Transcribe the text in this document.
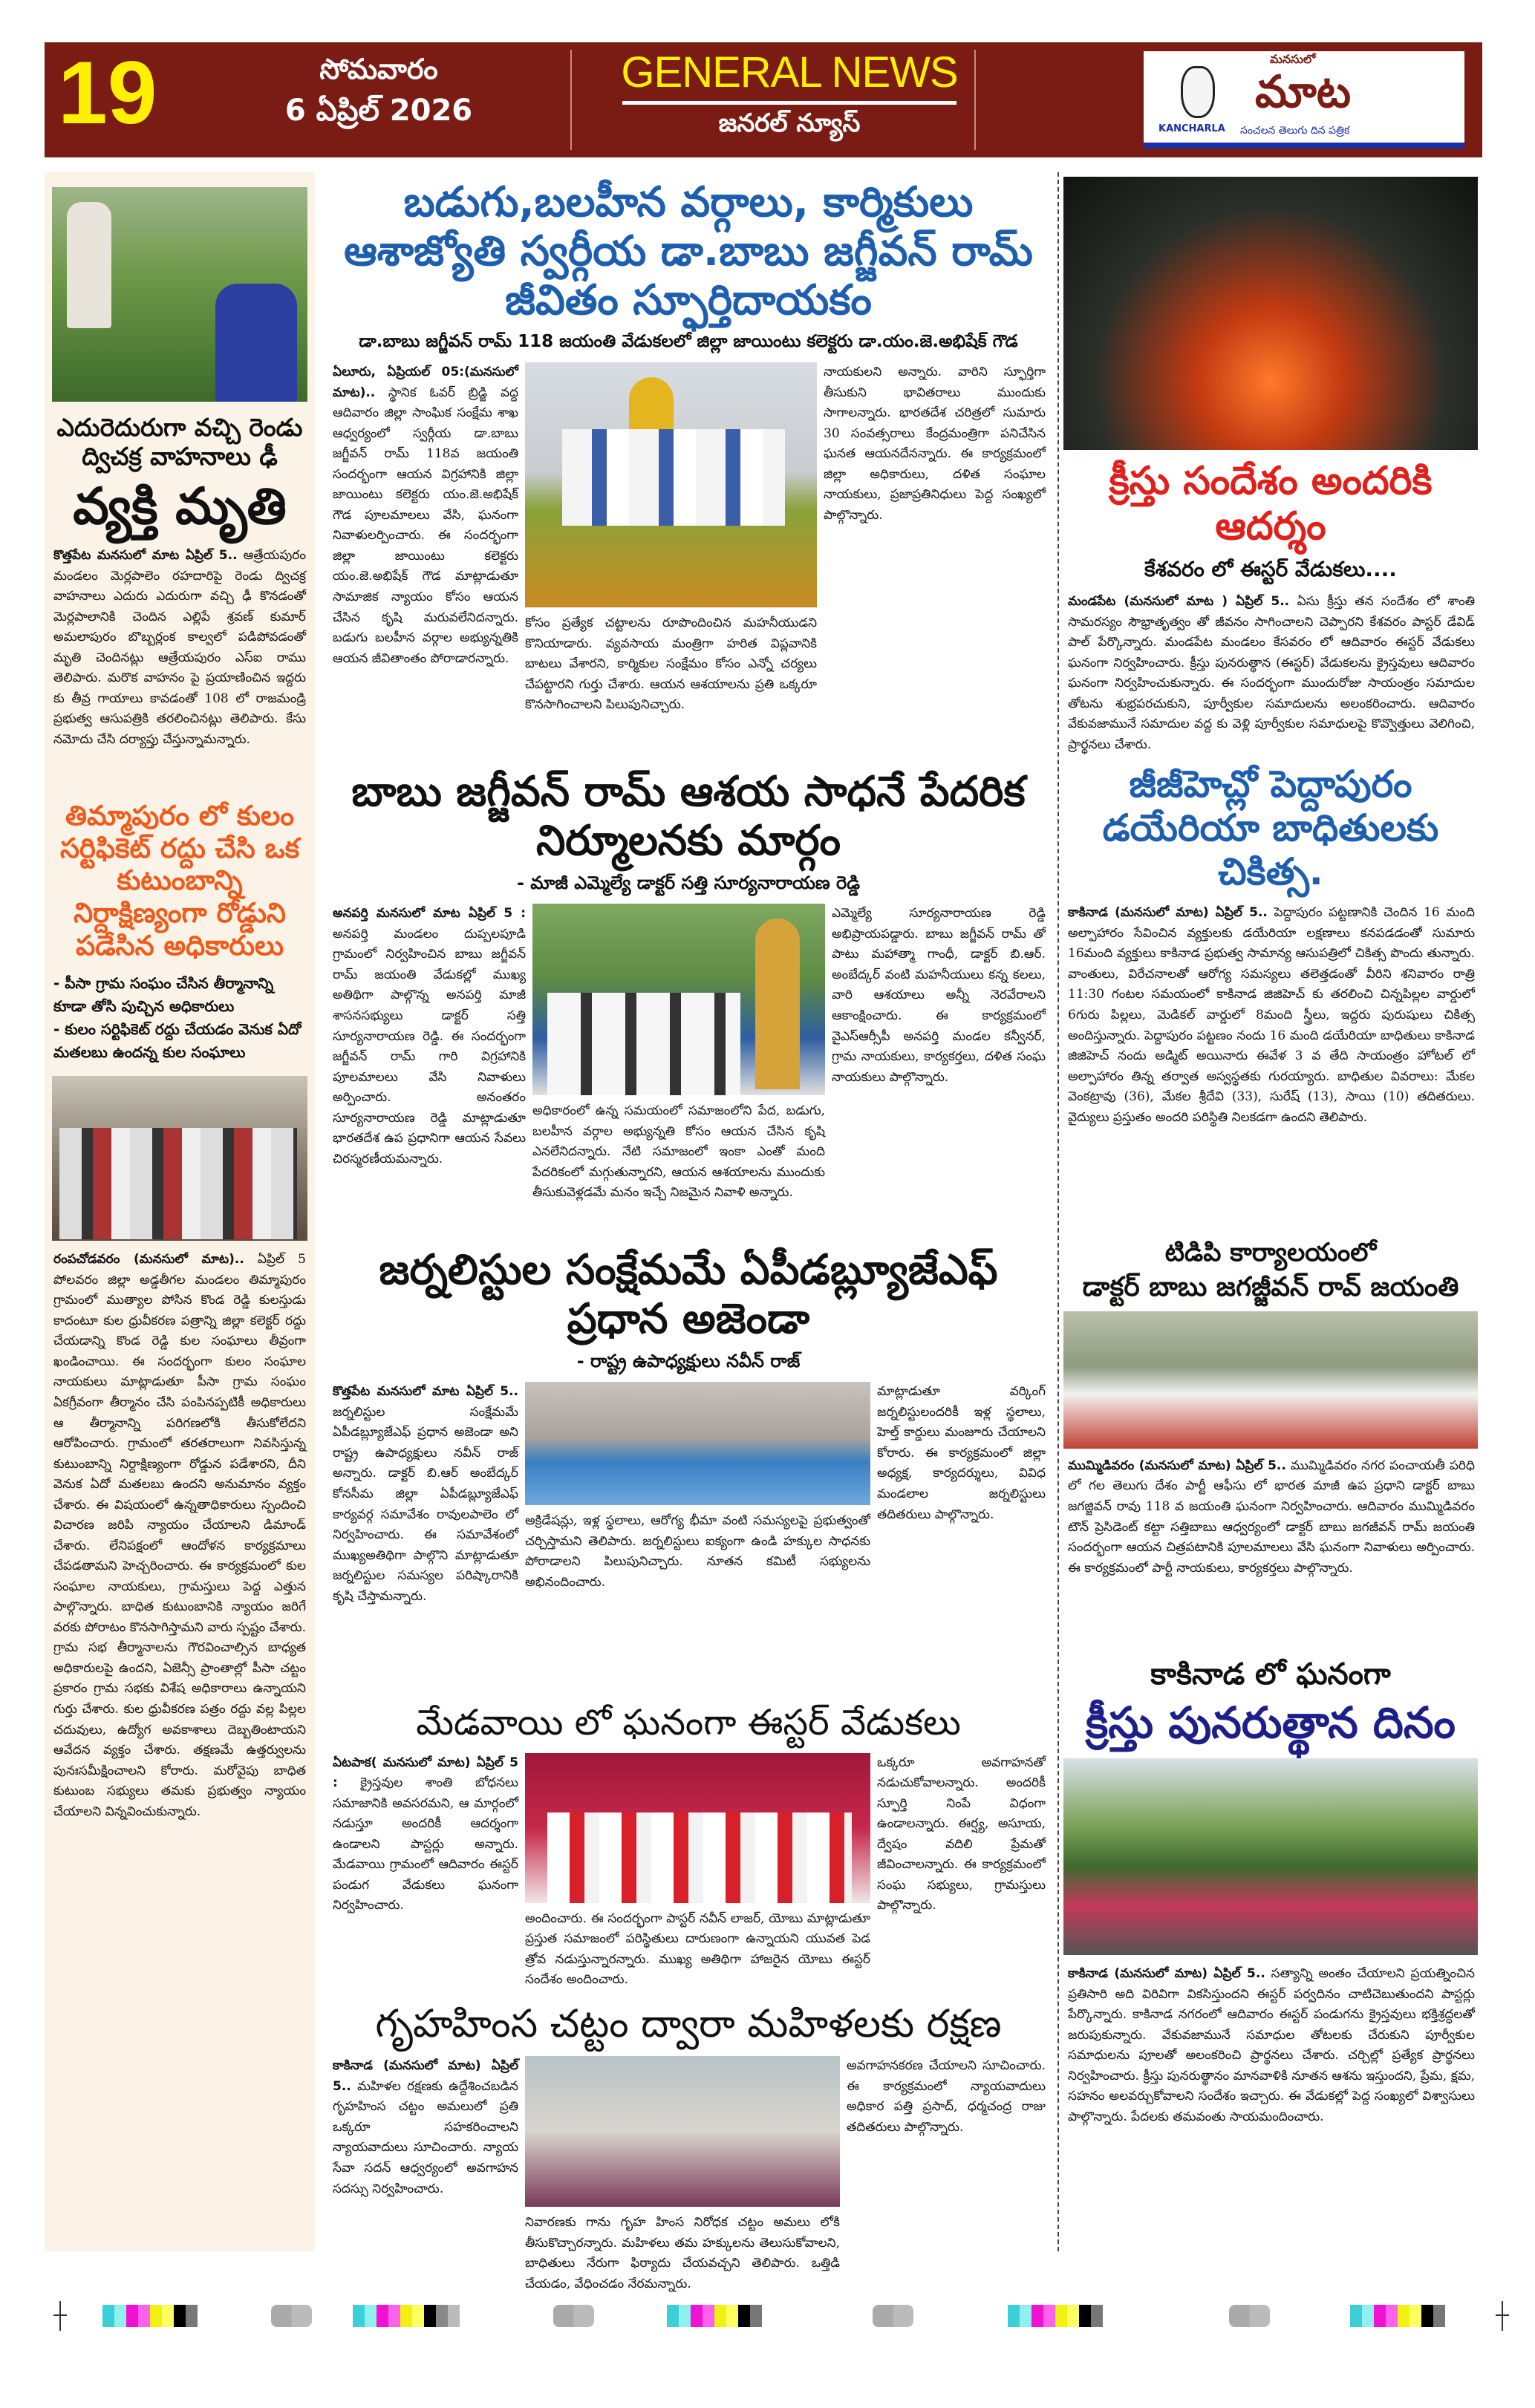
19	సోమవారం
6 ఏప్రిల్ 2026
GENERAL NEWS
జనరల్ న్యూస్	KANCHARLA
మనసులో
మాట
సంచలన తెలుగు దిన పత్రిక
ఎదురెదురుగా వచ్చి రెండు ద్విచక్ర వాహనాలు ఢీ
వ్యక్తి మృతి
కొత్తపేట మనసులో మాట ఏప్రిల్ 5.. ఆత్రేయపురం మండలం మెర్లపాలెం రహదారిపై రెండు ద్విచక్ర వాహనాలు ఎదురు ఎదురుగా వచ్చి ఢీ కొనడంతో మెర్లపాలానికి చెందిన ఎల్లిపే శ్రవణ్ కుమార్ అమలాపురం బొబ్బర్లంక కాల్వలో పడిపోవడంతో మృతి చెందినట్లు ఆత్రేయపురం ఎస్ఐ రాము తెలిపారు. మరొక వాహనం పై ప్రయాణించిన ఇద్దరు కు తీవ్ర గాయాలు కావడంతో 108 లో రాజమండ్రి ప్రభుత్వ ఆసుపత్రికి తరలించినట్లు తెలిపారు. కేసు నమోదు చేసి దర్యాప్తు చేస్తున్నామన్నారు.
తిమ్మాపురం లో కులం సర్టిఫికెట్ రద్దు చేసి ఒక కుటుంబాన్ని నిర్దాక్షిణ్యంగా రోడ్డుని పడేసిన అధికారులు
- పీసా గ్రామ సంఘం చేసిన తీర్మానాన్ని కూడా తోసి పుచ్చిన అధికారులు
- కులం సర్టిఫికెట్ రద్దు చేయడం వెనుక ఏదో మతలబు ఉందన్న కుల సంఘాలు
రంపచోడవరం (మనసులో మాట).. ఏప్రిల్ 5 పోలవరం జిల్లా అడ్డతీగల మండలం తిమ్మాపురం గ్రామంలో ముత్యాల పోసిన కొండ రెడ్డి కులస్తుడు కాదంటూ కుల ధ్రువీకరణ పత్రాన్ని జిల్లా కలెక్టర్ రద్దు చేయడాన్ని కొండ రెడ్డి కుల సంఘాలు తీవ్రంగా ఖండించాయి. ఈ సందర్భంగా కులం సంఘాల నాయకులు మాట్లాడుతూ పీసా గ్రామ సంఘం ఏకగ్రీవంగా తీర్మానం చేసి పంపినప్పటికీ అధికారులు ఆ తీర్మానాన్ని పరిగణలోకి తీసుకోలేదని ఆరోపించారు. గ్రామంలో తరతరాలుగా నివసిస్తున్న కుటుంబాన్ని నిర్దాక్షిణ్యంగా రోడ్డున పడేశారని, దీని వెనుక ఏదో మతలబు ఉందని అనుమానం వ్యక్తం చేశారు. ఈ విషయంలో ఉన్నతాధికారులు స్పందించి విచారణ జరిపి న్యాయం చేయాలని డిమాండ్ చేశారు. లేనిపక్షంలో ఆందోళన కార్యక్రమాలు చేపడతామని హెచ్చరించారు. ఈ కార్యక్రమంలో కుల సంఘాల నాయకులు, గ్రామస్తులు పెద్ద ఎత్తున పాల్గొన్నారు. బాధిత కుటుంబానికి న్యాయం జరిగే వరకు పోరాటం కొనసాగిస్తామని వారు స్పష్టం చేశారు. గ్రామ సభ తీర్మానాలను గౌరవించాల్సిన బాధ్యత అధికారులపై ఉందని, ఏజెన్సీ ప్రాంతాల్లో పీసా చట్టం ప్రకారం గ్రామ సభకు విశేష అధికారాలు ఉన్నాయని గుర్తు చేశారు. కుల ధ్రువీకరణ పత్రం రద్దు వల్ల పిల్లల చదువులు, ఉద్యోగ అవకాశాలు దెబ్బతింటాయని ఆవేదన వ్యక్తం చేశారు. తక్షణమే ఉత్తర్వులను పునఃసమీక్షించాలని కోరారు. మరోవైపు బాధిత కుటుంబ సభ్యులు తమకు ప్రభుత్వం న్యాయం చేయాలని విన్నవించుకున్నారు.
బడుగు,బలహీన వర్గాలు, కార్మికులు ఆశాజ్యోతి స్వర్గీయ డా.బాబు జగ్జీవన్ రామ్ జీవితం స్ఫూర్తిదాయకం
డా.బాబు జగ్జీవన్ రామ్ 118 జయంతి వేడుకలలో జిల్లా జాయింటు కలెక్టరు డా.యం.జె.అభిషేక్ గౌడ
ఏలూరు, ఏప్రియల్ 05:(మనసులో మాట).. స్థానిక ఓవర్ బ్రిడ్జి వద్ద ఆదివారం జిల్లా సాంఘిక సంక్షేమ శాఖ ఆధ్వర్యంలో స్వర్గీయ డా.బాబు జగ్జీవన్ రామ్ 118వ జయంతి సందర్భంగా ఆయన విగ్రహానికి జిల్లా జాయింటు కలెక్టరు యం.జె.అభిషేక్ గౌడ పూలమాలలు వేసి, ఘనంగా నివాళులర్పించారు. ఈ సందర్భంగా జిల్లా జాయింటు కలెక్టరు యం.జె.అభిషేక్ గౌడ మాట్లాడుతూ సామాజిక న్యాయం కోసం ఆయన చేసిన కృషి మరువలేనిదన్నారు. బడుగు బలహీన వర్గాల అభ్యున్నతికి ఆయన జీవితాంతం పోరాడారన్నారు.
కోసం ప్రత్యేక చట్టాలను రూపొందించిన మహనీయుడని కొనియాడారు. వ్యవసాయ మంత్రిగా హరిత విప్లవానికి బాటలు వేశారని, కార్మికుల సంక్షేమం కోసం ఎన్నో చర్యలు చేపట్టారని గుర్తు చేశారు. ఆయన ఆశయాలను ప్రతి ఒక్కరూ కొనసాగించాలని పిలుపునిచ్చారు.
నాయకులని అన్నారు. వారిని స్ఫూర్తిగా తీసుకుని భావితరాలు ముందుకు సాగాలన్నారు. భారతదేశ చరిత్రలో సుమారు 30 సంవత్సరాలు కేంద్రమంత్రిగా పనిచేసిన ఘనత ఆయనదేనన్నారు. ఈ కార్యక్రమంలో జిల్లా అధికారులు, దళిత సంఘాల నాయకులు, ప్రజాప్రతినిధులు పెద్ద సంఖ్యలో పాల్గొన్నారు.
బాబు జగ్జీవన్ రామ్ ఆశయ సాధనే పేదరిక నిర్మూలనకు మార్గం
- మాజీ ఎమ్మెల్యే డాక్టర్ సత్తి సూర్యనారాయణ రెడ్డి
అనపర్తి మనసులో మాట ఏప్రిల్ 5 : అనపర్తి మండలం దుప్పలపూడి గ్రామంలో నిర్వహించిన బాబు జగ్జీవన్ రామ్ జయంతి వేడుకల్లో ముఖ్య అతిథిగా పాల్గొన్న అనపర్తి మాజీ శాసనసభ్యులు డాక్టర్ సత్తి సూర్యనారాయణ రెడ్డి. ఈ సందర్భంగా జగ్జీవన్ రామ్ గారి విగ్రహానికి పూలమాలలు వేసి నివాళులు అర్పించారు. అనంతరం సూర్యనారాయణ రెడ్డి మాట్లాడుతూ భారతదేశ ఉప ప్రధానిగా ఆయన సేవలు చిరస్మరణీయమన్నారు.
అధికారంలో ఉన్న సమయంలో సమాజంలోని పేద, బడుగు, బలహీన వర్గాల అభ్యున్నతి కోసం ఆయన చేసిన కృషి ఎనలేనిదన్నారు. నేటి సమాజంలో ఇంకా ఎంతో మంది పేదరికంలో మగ్గుతున్నారని, ఆయన ఆశయాలను ముందుకు తీసుకువెళ్లడమే మనం ఇచ్చే నిజమైన నివాళి అన్నారు.
ఎమ్మెల్యే సూర్యనారాయణ రెడ్డి అభిప్రాయపడ్డారు. బాబు జగ్జీవన్ రామ్ తో పాటు మహాత్మా గాంధీ, డాక్టర్ బి.ఆర్. అంబేద్కర్ వంటి మహనీయులు కన్న కలలు, వారి ఆశయాలు అన్నీ నెరవేరాలని ఆకాంక్షించారు. ఈ కార్యక్రమంలో వైఎస్ఆర్సీపీ అనపర్తి మండల కన్వీనర్, గ్రామ నాయకులు, కార్యకర్తలు, దళిత సంఘ నాయకులు పాల్గొన్నారు.
జర్నలిస్టుల సంక్షేమమే ఏపీడబ్ల్యూజేఎఫ్ ప్రధాన అజెండా
- రాష్ట్ర ఉపాధ్యక్షులు నవీన్ రాజ్
కొత్తపేట మనసులో మాట ఏప్రిల్ 5.. జర్నలిస్టుల సంక్షేమమే ఏపీడబ్ల్యూజేఎఫ్ ప్రధాన అజెండా అని రాష్ట్ర ఉపాధ్యక్షులు నవీన్ రాజ్ అన్నారు. డాక్టర్ బి.ఆర్ అంబేద్కర్ కోనసీమ జిల్లా ఏపీడబ్ల్యూజేఎఫ్ కార్యవర్గ సమావేశం రావులపాలెం లో నిర్వహించారు. ఈ సమావేశంలో ముఖ్యఅతిథిగా పాల్గొని మాట్లాడుతూ జర్నలిస్టుల సమస్యల పరిష్కారానికి కృషి చేస్తామన్నారు.
అక్రిడేషన్లు, ఇళ్ల స్థలాలు, ఆరోగ్య భీమా వంటి సమస్యలపై ప్రభుత్వంతో చర్చిస్తామని తెలిపారు. జర్నలిస్టులు ఐక్యంగా ఉండి హక్కుల సాధనకు పోరాడాలని పిలుపునిచ్చారు. నూతన కమిటీ సభ్యులను అభినందించారు.
మాట్లాడుతూ వర్కింగ్ జర్నలిస్టులందరికీ ఇళ్ల స్థలాలు, హెల్త్ కార్డులు మంజూరు చేయాలని కోరారు. ఈ కార్యక్రమంలో జిల్లా అధ్యక్ష, కార్యదర్శులు, వివిధ మండలాల జర్నలిస్టులు తదితరులు పాల్గొన్నారు.
మేడవాయి లో ఘనంగా ఈస్టర్ వేడుకలు
ఏటపాక( మనసులో మాట) ఏప్రిల్ 5 : క్రైస్తవుల శాంతి బోధనలు సమాజానికి అవసరమని, ఆ మార్గంలో నడుస్తూ అందరికీ ఆదర్శంగా ఉండాలని పాస్టర్లు అన్నారు. మేడవాయి గ్రామంలో ఆదివారం ఈస్టర్ పండుగ వేడుకలు ఘనంగా నిర్వహించారు.
అందించారు. ఈ సందర్భంగా పాస్టర్ నవీన్ లాజర్, యోబు మాట్లాడుతూ ప్రస్తుత సమాజంలో పరిస్థితులు దారుణంగా ఉన్నాయని యువత పెడ త్రోవ నడుస్తున్నారన్నారు. ముఖ్య అతిథిగా హాజరైన యోబు ఈస్టర్ సందేశం అందించారు.
ఒక్కరూ అవగాహనతో నడుచుకోవాలన్నారు. అందరికీ స్ఫూర్తి నింపే విధంగా ఉండాలన్నారు. ఈర్ష్య, అసూయ, ద్వేషం వదిలి ప్రేమతో జీవించాలన్నారు. ఈ కార్యక్రమంలో సంఘ సభ్యులు, గ్రామస్తులు పాల్గొన్నారు.
గృహహింస చట్టం ద్వారా మహిళలకు రక్షణ
కాకినాడ (మనసులో మాట) ఏప్రిల్ 5.. మహిళల రక్షణకు ఉద్దేశించబడిన గృహహింస చట్టం అమలులో ప్రతి ఒక్కరూ సహకరించాలని న్యాయవాదులు సూచించారు. న్యాయ సేవా సదన్ ఆధ్వర్యంలో అవగాహన సదస్సు నిర్వహించారు.
నివారణకు గాను గృహ హింస నిరోధక చట్టం అమలు లోకి తీసుకొచ్చారన్నారు. మహిళలు తమ హక్కులను తెలుసుకోవాలని, బాధితులు నేరుగా ఫిర్యాదు చేయవచ్చని తెలిపారు. ఒత్తిడి చేయడం, వేధించడం నేరమన్నారు.
అవగాహనకరణ చేయాలని సూచించారు. ఈ కార్యక్రమంలో న్యాయవాదులు అధికార పత్తి ప్రసాద్, ధర్మచంద్ర రాజు తదితరులు పాల్గొన్నారు.
క్రీస్తు సందేశం అందరికి ఆదర్శం
కేశవరం లో ఈస్టర్ వేడుకలు....
మండపేట (మనసులో మాట ) ఏప్రిల్ 5.. ఏసు క్రీస్తు తన సందేశం లో శాంతి సామరస్యం సౌభ్రాతృత్వం తో జీవనం సాగించాలని చెప్పారని కేశవరం పాస్టర్ డేవిడ్ పాల్ పేర్కొన్నారు. మండపేట మండలం కేసవరం లో ఆదివారం ఈస్టర్ వేడుకలు ఘనంగా నిర్వహించారు. క్రీస్తు పునరుత్థాన (ఈస్టర్) వేడుకలను క్రైస్తవులు ఆదివారం ఘనంగా నిర్వహించుకున్నారు. ఈ సందర్భంగా ముందురోజు సాయంత్రం సమాదుల తోటను శుభ్రపరచుకుని, పూర్వీకుల సమాదులను అలంకరించారు. ఆదివారం వేకువజామునే సమాదుల వద్ద కు వెళ్లి పూర్వీకుల సమాధులపై కొవ్వొత్తులు వెలిగించి, ప్రార్థనలు చేశారు.
జీజీహెచ్లో పెద్దాపురం డయేరియా బాధితులకు చికిత్స.
కాకినాడ (మనసులో మాట) ఏప్రిల్ 5.. పెద్దాపురం పట్టణానికి చెందిన 16 మంది అల్పాహారం సేవించిన వ్యక్తులకు డయేరియా లక్షణాలు కనపడడంతో సుమారు 16మంది వ్యక్తులు కాకినాడ ప్రభుత్వ సామాన్య ఆసుపత్రిలో చికిత్స పొందు తున్నారు. వాంతులు, విరేచనాలతో ఆరోగ్య సమస్యలు తలెత్తడంతో వీరిని శనివారం రాత్రి 11:30 గంటల సమయంలో కాకినాడ జిజిహెచ్ కు తరలించి చిన్నపిల్లల వార్డులో 6గురు పిల్లలు, మెడికల్ వార్డులో 8మంది స్త్రీలు, ఇద్దరు పురుషులు చికిత్స అందిస్తున్నారు. పెద్దాపురం పట్టణం నందు 16 మంది డయేరియా బాధితులు కాకినాడ జిజిహెచ్ నందు అడ్మిట్ అయినారు ఈవేళ 3 వ తేది సాయంత్రం హోటల్ లో అల్పాహారం తిన్న తర్వాత అస్వస్థతకు గురయ్యారు. బాధితుల వివరాలు: మేకల వెంకట్రావు (36), మేకల శ్రీదేవి (33), సురేష్ (13), సాయి (10) తదితరులు. వైద్యులు ప్రస్తుతం అందరి పరిస్థితి నిలకడగా ఉందని తెలిపారు.
టిడిపి కార్యాలయంలో
డాక్టర్ బాబు జగజ్జీవన్ రావ్ జయంతి
ముమ్మిడివరం (మనసులో మాట) ఏప్రిల్ 5.. ముమ్మిడివరం నగర పంచాయతీ పరిధి లో గల తెలుగు దేశం పార్టీ ఆఫీసు లో భారత మాజీ ఉప ప్రధాని డాక్టర్ బాబు జగజ్జివన్ రావు 118 వ జయంతి ఘనంగా నిర్వహించారు. ఆదివారం ముమ్మిడివరం టౌన్ ప్రెసిడెంట్ కట్టా సత్తిబాబు ఆధ్వర్యంలో డాక్టర్ బాబు జగజీవన్ రామ్ జయంతి సందర్భంగా ఆయన చిత్రపటానికి పూలమాలలు వేసి ఘనంగా నివాళులు అర్పించారు. ఈ కార్యక్రమంలో పార్టీ నాయకులు, కార్యకర్తలు పాల్గొన్నారు.
కాకినాడ లో ఘనంగా
క్రీస్తు పునరుత్థాన దినం
కాకినాడ (మనసులో మాట) ఏప్రిల్ 5.. సత్యాన్ని అంతం చేయాలని ప్రయత్నించిన ప్రతిసారి అది విరివిగా వికసిస్తుందని ఈస్టర్ పర్వదినం చాటిచెబుతుందని పాస్టర్లు పేర్కొన్నారు. కాకినాడ నగరంలో ఆదివారం ఈస్టర్ పండుగను క్రైస్తవులు భక్తిశ్రద్ధలతో జరుపుకున్నారు. వేకువజామునే సమాధుల తోటలకు చేరుకుని పూర్వీకుల సమాధులను పూలతో అలంకరించి ప్రార్థనలు చేశారు. చర్చిల్లో ప్రత్యేక ప్రార్థనలు నిర్వహించారు. క్రీస్తు పునరుత్థానం మానవాళికి నూతన ఆశను ఇస్తుందని, ప్రేమ, క్షమ, సహనం అలవర్చుకోవాలని సందేశం ఇచ్చారు. ఈ వేడుకల్లో పెద్ద సంఖ్యలో విశ్వాసులు పాల్గొన్నారు. పేదలకు తమవంతు సాయమందించారు.
